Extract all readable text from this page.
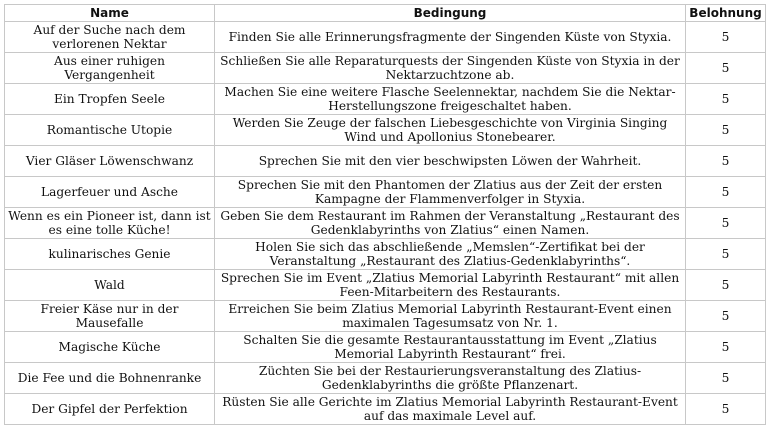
Name	Bedingung	Belohnung
Auf der Suche nach dem verlorenen Nektar	Finden Sie alle Erinnerungsfragmente der Singenden Küste von Styxia.	5
Aus einer ruhigen Vergangenheit	Schließen Sie alle Reparaturquests der Singenden Küste von Styxia in der Nektarzuchtzone ab.	5
Ein Tropfen Seele	Machen Sie eine weitere Flasche Seelennektar, nachdem Sie die Nektar-Herstellungszone freigeschaltet haben.	5
Romantische Utopie	Werden Sie Zeuge der falschen Liebesgeschichte von Virginia Singing Wind und Apollonius Stonebearer.	5
Vier Gläser Löwenschwanz	Sprechen Sie mit den vier beschwipsten Löwen der Wahrheit.	5
Lagerfeuer und Asche	Sprechen Sie mit den Phantomen der Zlatius aus der Zeit der ersten Kampagne der Flammenverfolger in Styxia.	5
Wenn es ein Pioneer ist, dann ist es eine tolle Küche!	Geben Sie dem Restaurant im Rahmen der Veranstaltung „Restaurant des Gedenklabyrinths von Zlatius“ einen Namen.	5
kulinarisches Genie	Holen Sie sich das abschließende „Memslen“-Zertifikat bei der Veranstaltung „Restaurant des Zlatius-Gedenklabyrinths“.	5
Wald	Sprechen Sie im Event „Zlatius Memorial Labyrinth Restaurant“ mit allen Feen-Mitarbeitern des Restaurants.	5
Freier Käse nur in der Mausefalle	Erreichen Sie beim Zlatius Memorial Labyrinth Restaurant-Event einen maximalen Tagesumsatz von Nr. 1.	5
Magische Küche	Schalten Sie die gesamte Restaurantausstattung im Event „Zlatius Memorial Labyrinth Restaurant“ frei.	5
Die Fee und die Bohnenranke	Züchten Sie bei der Restaurierungsveranstaltung des Zlatius-Gedenklabyrinths die größte Pflanzenart.	5
Der Gipfel der Perfektion	Rüsten Sie alle Gerichte im Zlatius Memorial Labyrinth Restaurant-Event auf das maximale Level auf.	5
